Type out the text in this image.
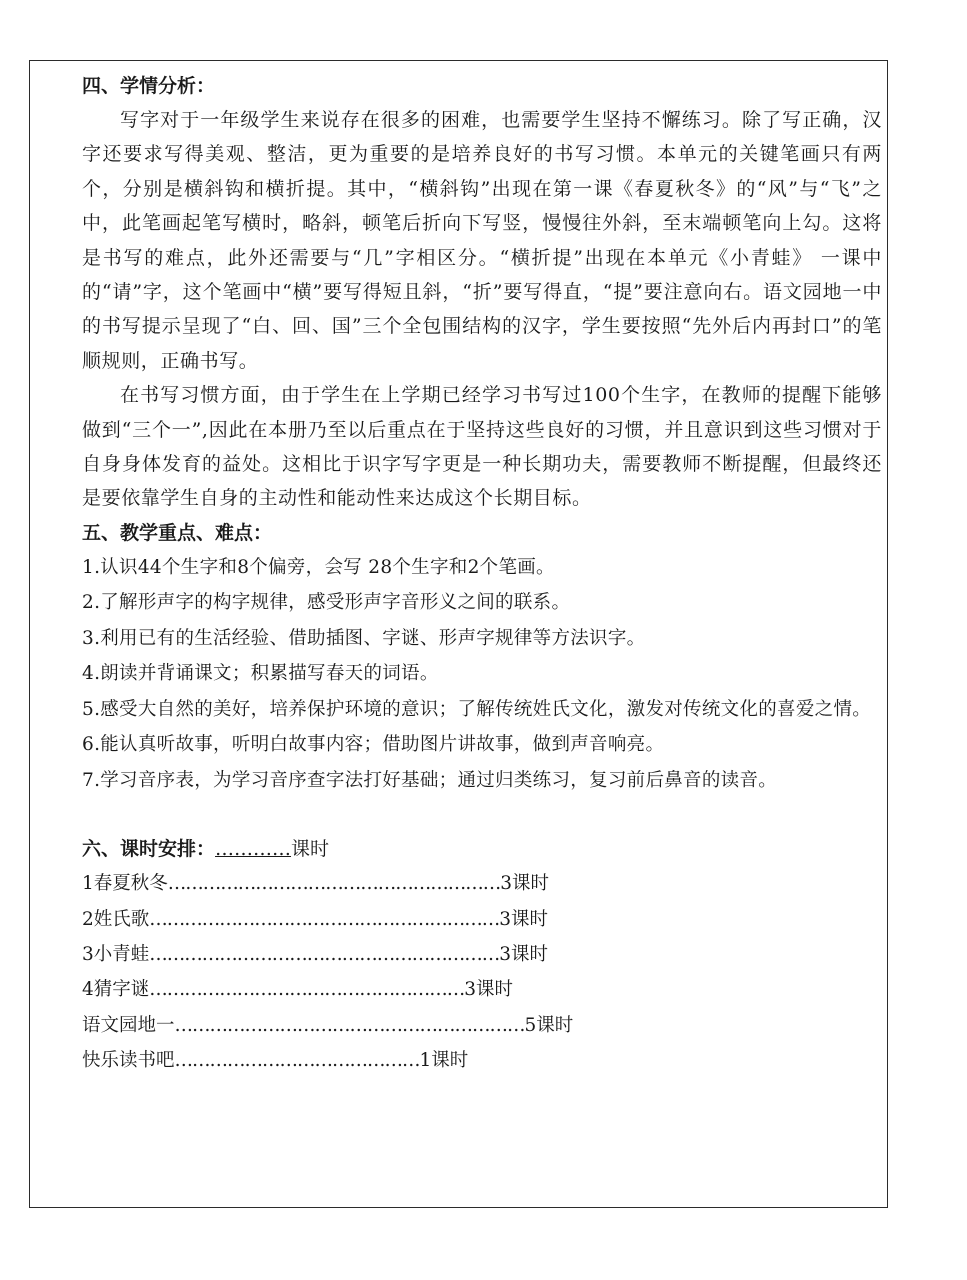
四、学情分析：

写字对于一年级学生来说存在很多的困难，也需要学生坚持不懈练习。除了写正确，汉字还要求写得美观、整洁，更为重要的是培养良好的书写习惯。本单元的关键笔画只有两个，分别是横斜钩和横折提。其中，“横斜钩”出现在第一课《春夏秋冬》的“风”与“飞”之中，此笔画起笔写横时，略斜，顿笔后折向下写竖，慢慢往外斜，至末端顿笔向上勾。这将是书写的难点，此外还需要与“几”字相区分。“横折提”出现在本单元《小青蛙》 一课中的“请”字，这个笔画中“横”要写得短且斜，“折”要写得直，“提”要注意向右。语文园地一中的书写提示呈现了“白、回、国”三个全包围结构的汉字，学生要按照“先外后内再封口”的笔顺规则，正确书写。

在书写习惯方面，由于学生在上学期已经学习书写过100个生字，在教师的提醒下能够做到“三个一”,因此在本册乃至以后重点在于坚持这些良好的习惯，并且意识到这些习惯对于自身身体发育的益处。这相比于识字写字更是一种长期功夫，需要教师不断提醒，但最终还是要依靠学生自身的主动性和能动性来达成这个长期目标。

五、教学重点、难点：

1.认识44个生字和8个偏旁，会写 28个生字和2个笔画。

2.了解形声字的构字规律，感受形声字音形义之间的联系。

3.利用已有的生活经验、借助插图、字谜、形声字规律等方法识字。

4.朗读并背诵课文；积累描写春天的词语。

5.感受大自然的美好，培养保护环境的意识；了解传统姓氏文化，激发对传统文化的喜爱之情。

6.能认真听故事，听明白故事内容；借助图片讲故事，做到声音响亮。

7.学习音序表，为学习音序查字法打好基础；通过归类练习，复习前后鼻音的读音。

六、课时安排：…………课时
1春夏秋冬…………………………………………………3课时
2姓氏歌……………………………………………………3课时
3小青蛙……………………………………………………3课时
4猜字谜………………………………………………3课时
语文园地一……………………………………………………5课时
快乐读书吧……………………………………1课时
